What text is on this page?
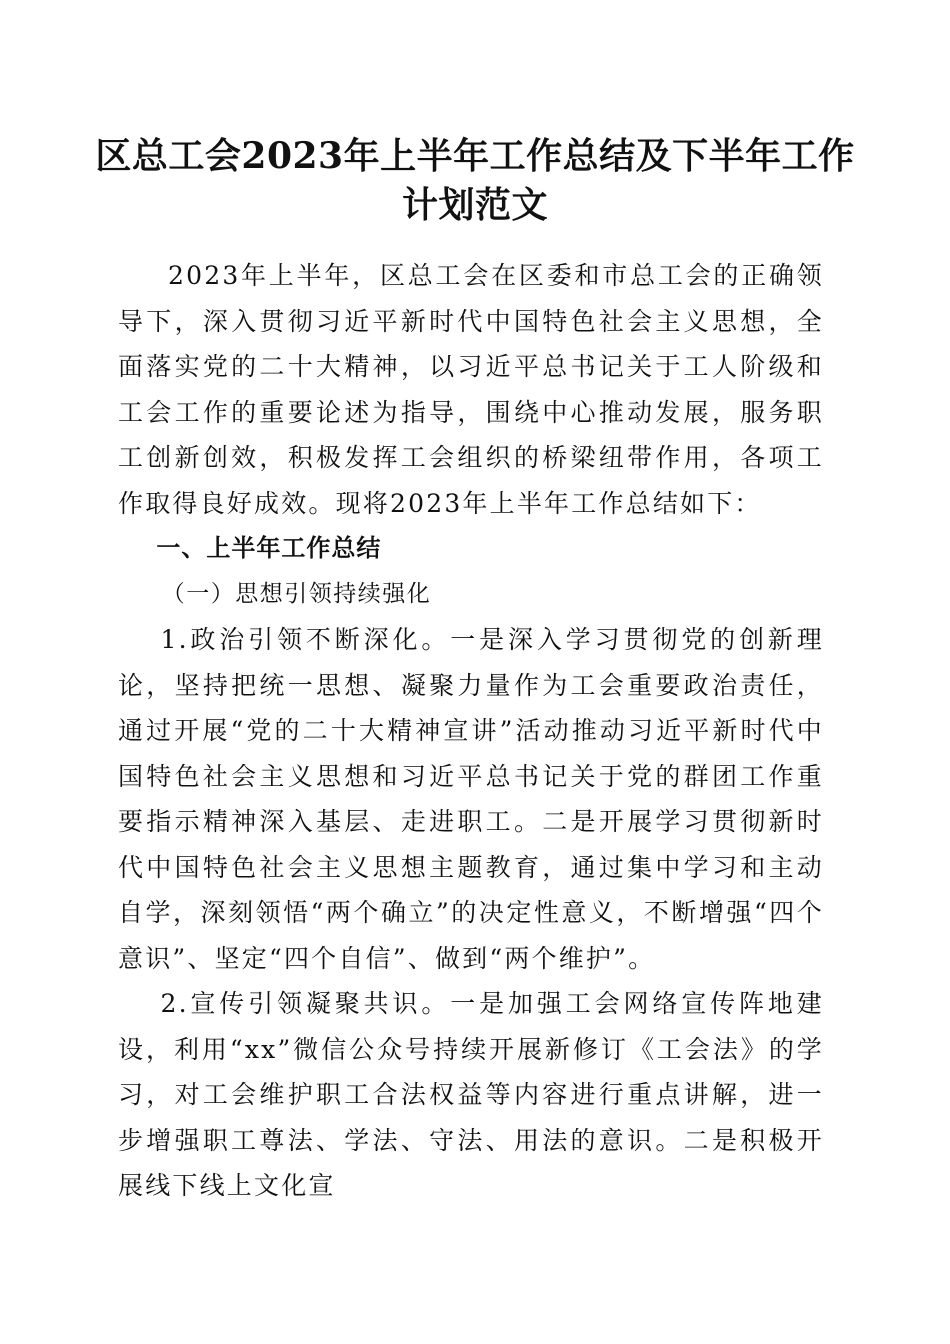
区总工会2023年上半年工作总结及下半年工作计划范文

2023年上半年，区总工会在区委和市总工会的正确领导下，深入贯彻习近平新时代中国特色社会主义思想，全面落实党的二十大精神，以习近平总书记关于工人阶级和工会工作的重要论述为指导，围绕中心推动发展，服务职工创新创效，积极发挥工会组织的桥梁纽带作用，各项工作取得良好成效。现将2023年上半年工作总结如下：

一、上半年工作总结

（一）思想引领持续强化

1.政治引领不断深化。一是深入学习贯彻党的创新理论，坚持把统一思想、凝聚力量作为工会重要政治责任，通过开展“党的二十大精神宣讲”活动推动习近平新时代中国特色社会主义思想和习近平总书记关于党的群团工作重要指示精神深入基层、走进职工。二是开展学习贯彻新时代中国特色社会主义思想主题教育，通过集中学习和主动自学，深刻领悟“两个确立”的决定性意义，不断增强“四个意识”、坚定“四个自信”、做到“两个维护”。

2.宣传引领凝聚共识。一是加强工会网络宣传阵地建设，利用“xx”微信公众号持续开展新修订《工会法》的学习，对工会维护职工合法权益等内容进行重点讲解，进一步增强职工尊法、学法、守法、用法的意识。二是积极开展线下线上文化宣
